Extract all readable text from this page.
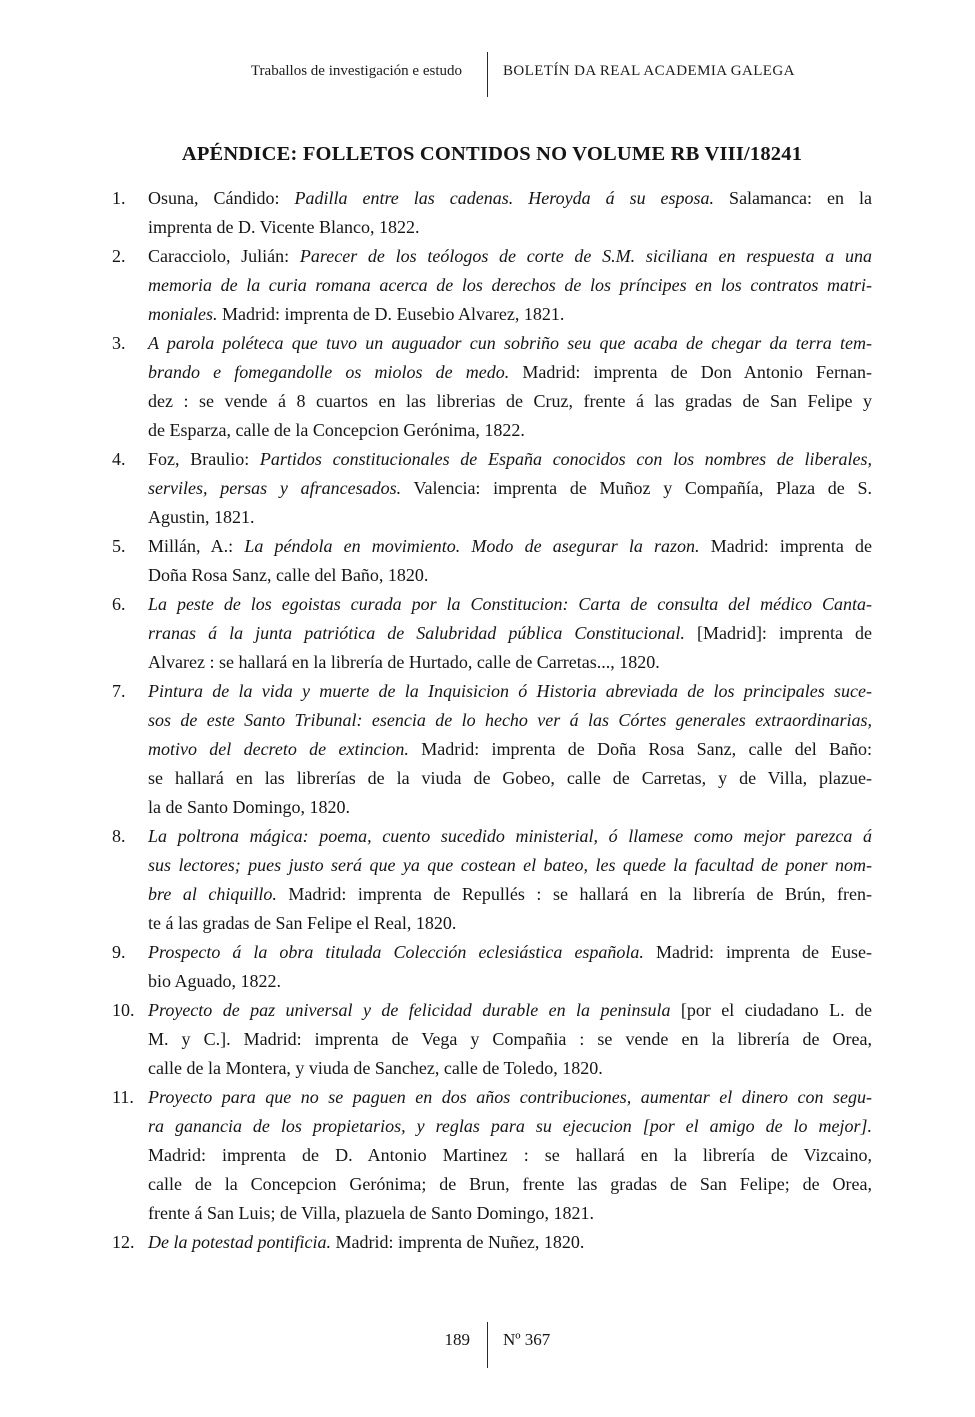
Traballos de investigación e estudo	BOLETÍN DA REAL ACADEMIA GALEGA
APÉNDICE: FOLLETOS CONTIDOS NO VOLUME RB VIII/18241
1. Osuna, Cándido: Padilla entre las cadenas. Heroyda á su esposa. Salamanca: en la
imprenta de D. Vicente Blanco, 1822.
2. Caracciolo, Julián: Parecer de los teólogos de corte de S.M. siciliana en respuesta a una
memoria de la curia romana acerca de los derechos de los príncipes en los contratos matri-
moniales. Madrid: imprenta de D. Eusebio Alvarez, 1821.
3. A parola poléteca que tuvo un auguador cun sobriño seu que acaba de chegar da terra tem-
brando e fomegandolle os miolos de medo. Madrid: imprenta de Don Antonio Fernan-
dez : se vende á 8 cuartos en las librerias de Cruz, frente á las gradas de San Felipe y
de Esparza, calle de la Concepcion Gerónima, 1822.
4. Foz, Braulio: Partidos constitucionales de España conocidos con los nombres de liberales,
serviles, persas y afrancesados. Valencia: imprenta de Muñoz y Compañía, Plaza de S.
Agustin, 1821.
5. Millán, A.: La péndola en movimiento. Modo de asegurar la razon. Madrid: imprenta de
Doña Rosa Sanz, calle del Baño, 1820.
6. La peste de los egoistas curada por la Constitucion: Carta de consulta del médico Canta-
rranas á la junta patriótica de Salubridad pública Constitucional. [Madrid]: imprenta de
Alvarez : se hallará en la librería de Hurtado, calle de Carretas..., 1820.
7. Pintura de la vida y muerte de la Inquisicion ó Historia abreviada de los principales suce-
sos de este Santo Tribunal: esencia de lo hecho ver á las Córtes generales extraordinarias,
motivo del decreto de extincion. Madrid: imprenta de Doña Rosa Sanz, calle del Baño:
se hallará en las librerías de la viuda de Gobeo, calle de Carretas, y de Villa, plazue-
la de Santo Domingo, 1820.
8. La poltrona mágica: poema, cuento sucedido ministerial, ó llamese como mejor parezca á
sus lectores; pues justo será que ya que costean el bateo, les quede la facultad de poner nom-
bre al chiquillo. Madrid: imprenta de Repullés : se hallará en la librería de Brún, fren-
te á las gradas de San Felipe el Real, 1820.
9. Prospecto á la obra titulada Colección eclesiástica española. Madrid: imprenta de Euse-
bio Aguado, 1822.
10. Proyecto de paz universal y de felicidad durable en la peninsula [por el ciudadano L. de
M. y C.]. Madrid: imprenta de Vega y Compañia : se vende en la librería de Orea,
calle de la Montera, y viuda de Sanchez, calle de Toledo, 1820.
11. Proyecto para que no se paguen en dos años contribuciones, aumentar el dinero con segu-
ra ganancia de los propietarios, y reglas para su ejecucion [por el amigo de lo mejor].
Madrid: imprenta de D. Antonio Martinez : se hallará en la librería de Vizcaino,
calle de la Concepcion Gerónima; de Brun, frente las gradas de San Felipe; de Orea,
frente á San Luis; de Villa, plazuela de Santo Domingo, 1821.
12. De la potestad pontificia. Madrid: imprenta de Nuñez, 1820.
189 Nº 367
